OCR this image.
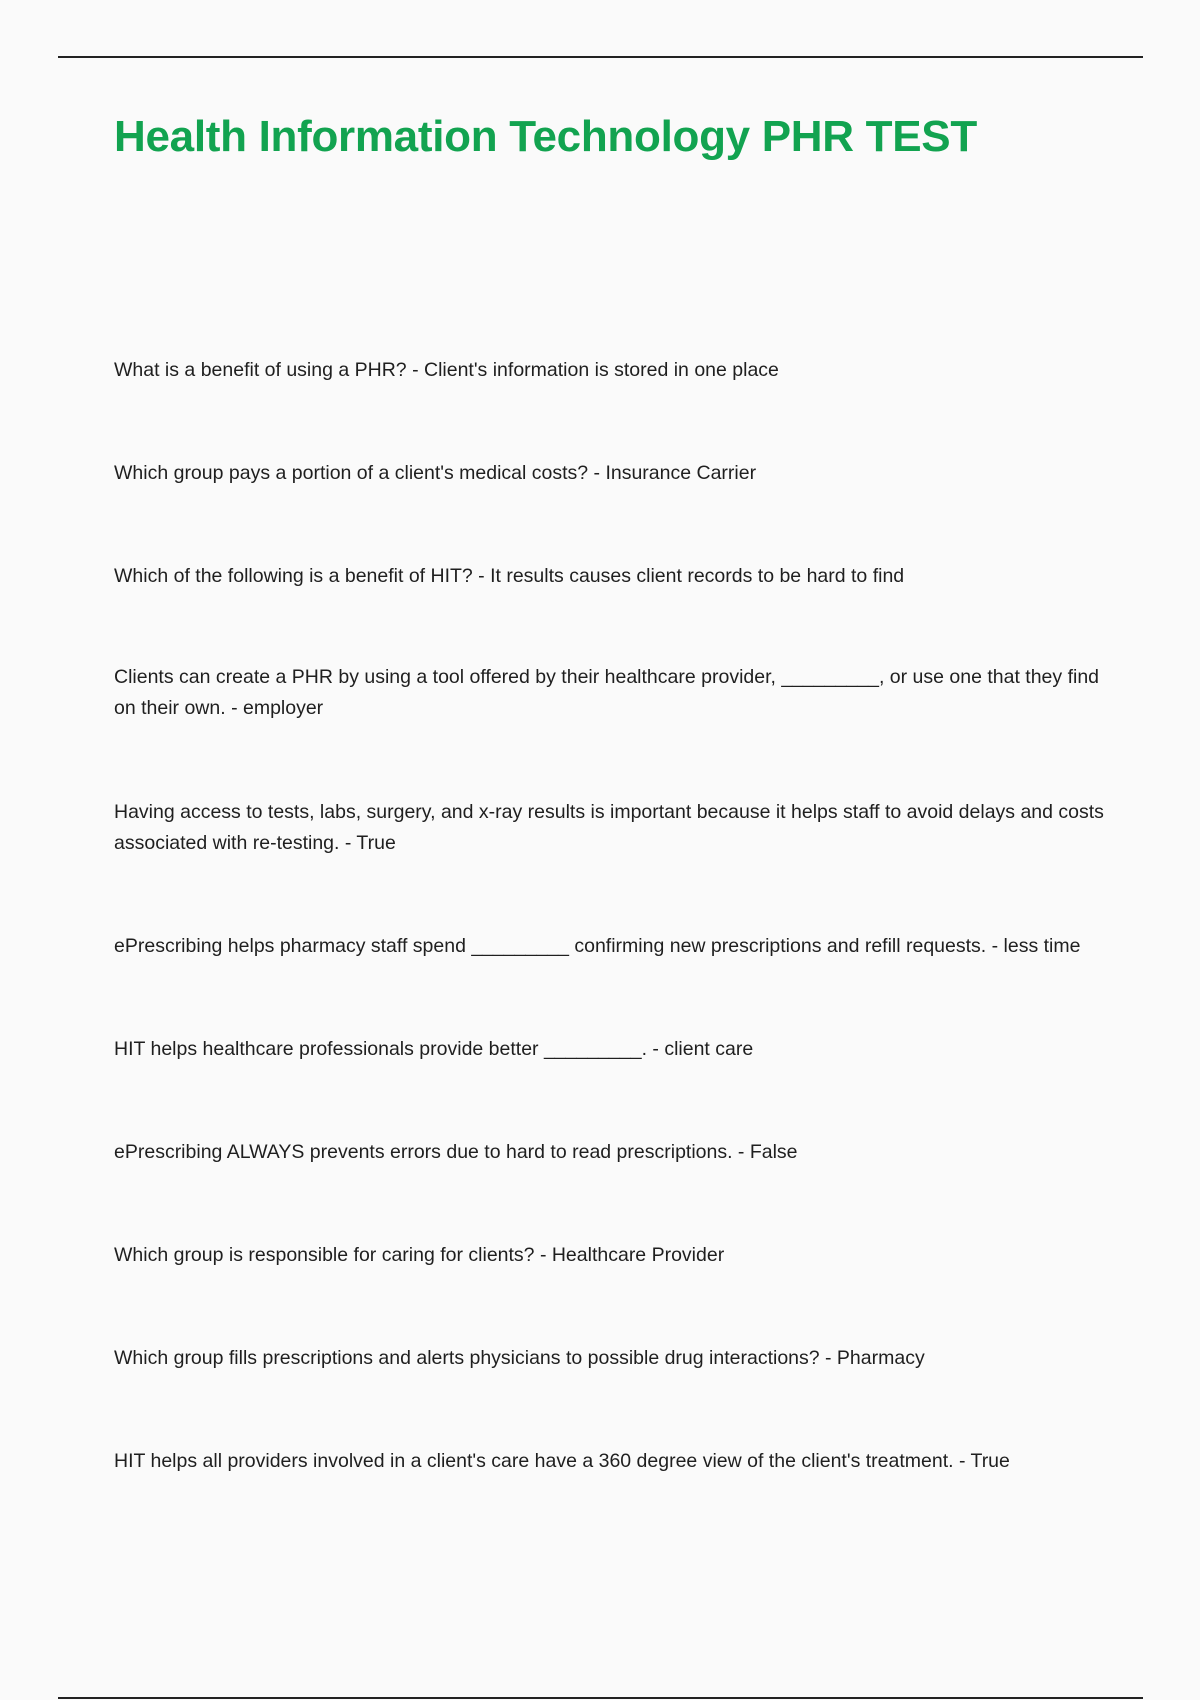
Health Information Technology PHR TEST

What is a benefit of using a PHR? - Client's information is stored in one place

Which group pays a portion of a client's medical costs? - Insurance Carrier

Which of the following is a benefit of HIT? - It results causes client records to be hard to find

Clients can create a PHR by using a tool offered by their healthcare provider, _________, or use one that they find on their own. - employer

Having access to tests, labs, surgery, and x-ray results is important because it helps staff to avoid delays and costs associated with re-testing. - True

ePrescribing helps pharmacy staff spend _________ confirming new prescriptions and refill requests. - less time

HIT helps healthcare professionals provide better _________. - client care

ePrescribing ALWAYS prevents errors due to hard to read prescriptions. - False

Which group is responsible for caring for clients? - Healthcare Provider

Which group fills prescriptions and alerts physicians to possible drug interactions? - Pharmacy

HIT helps all providers involved in a client's care have a 360 degree view of the client's treatment. - True
